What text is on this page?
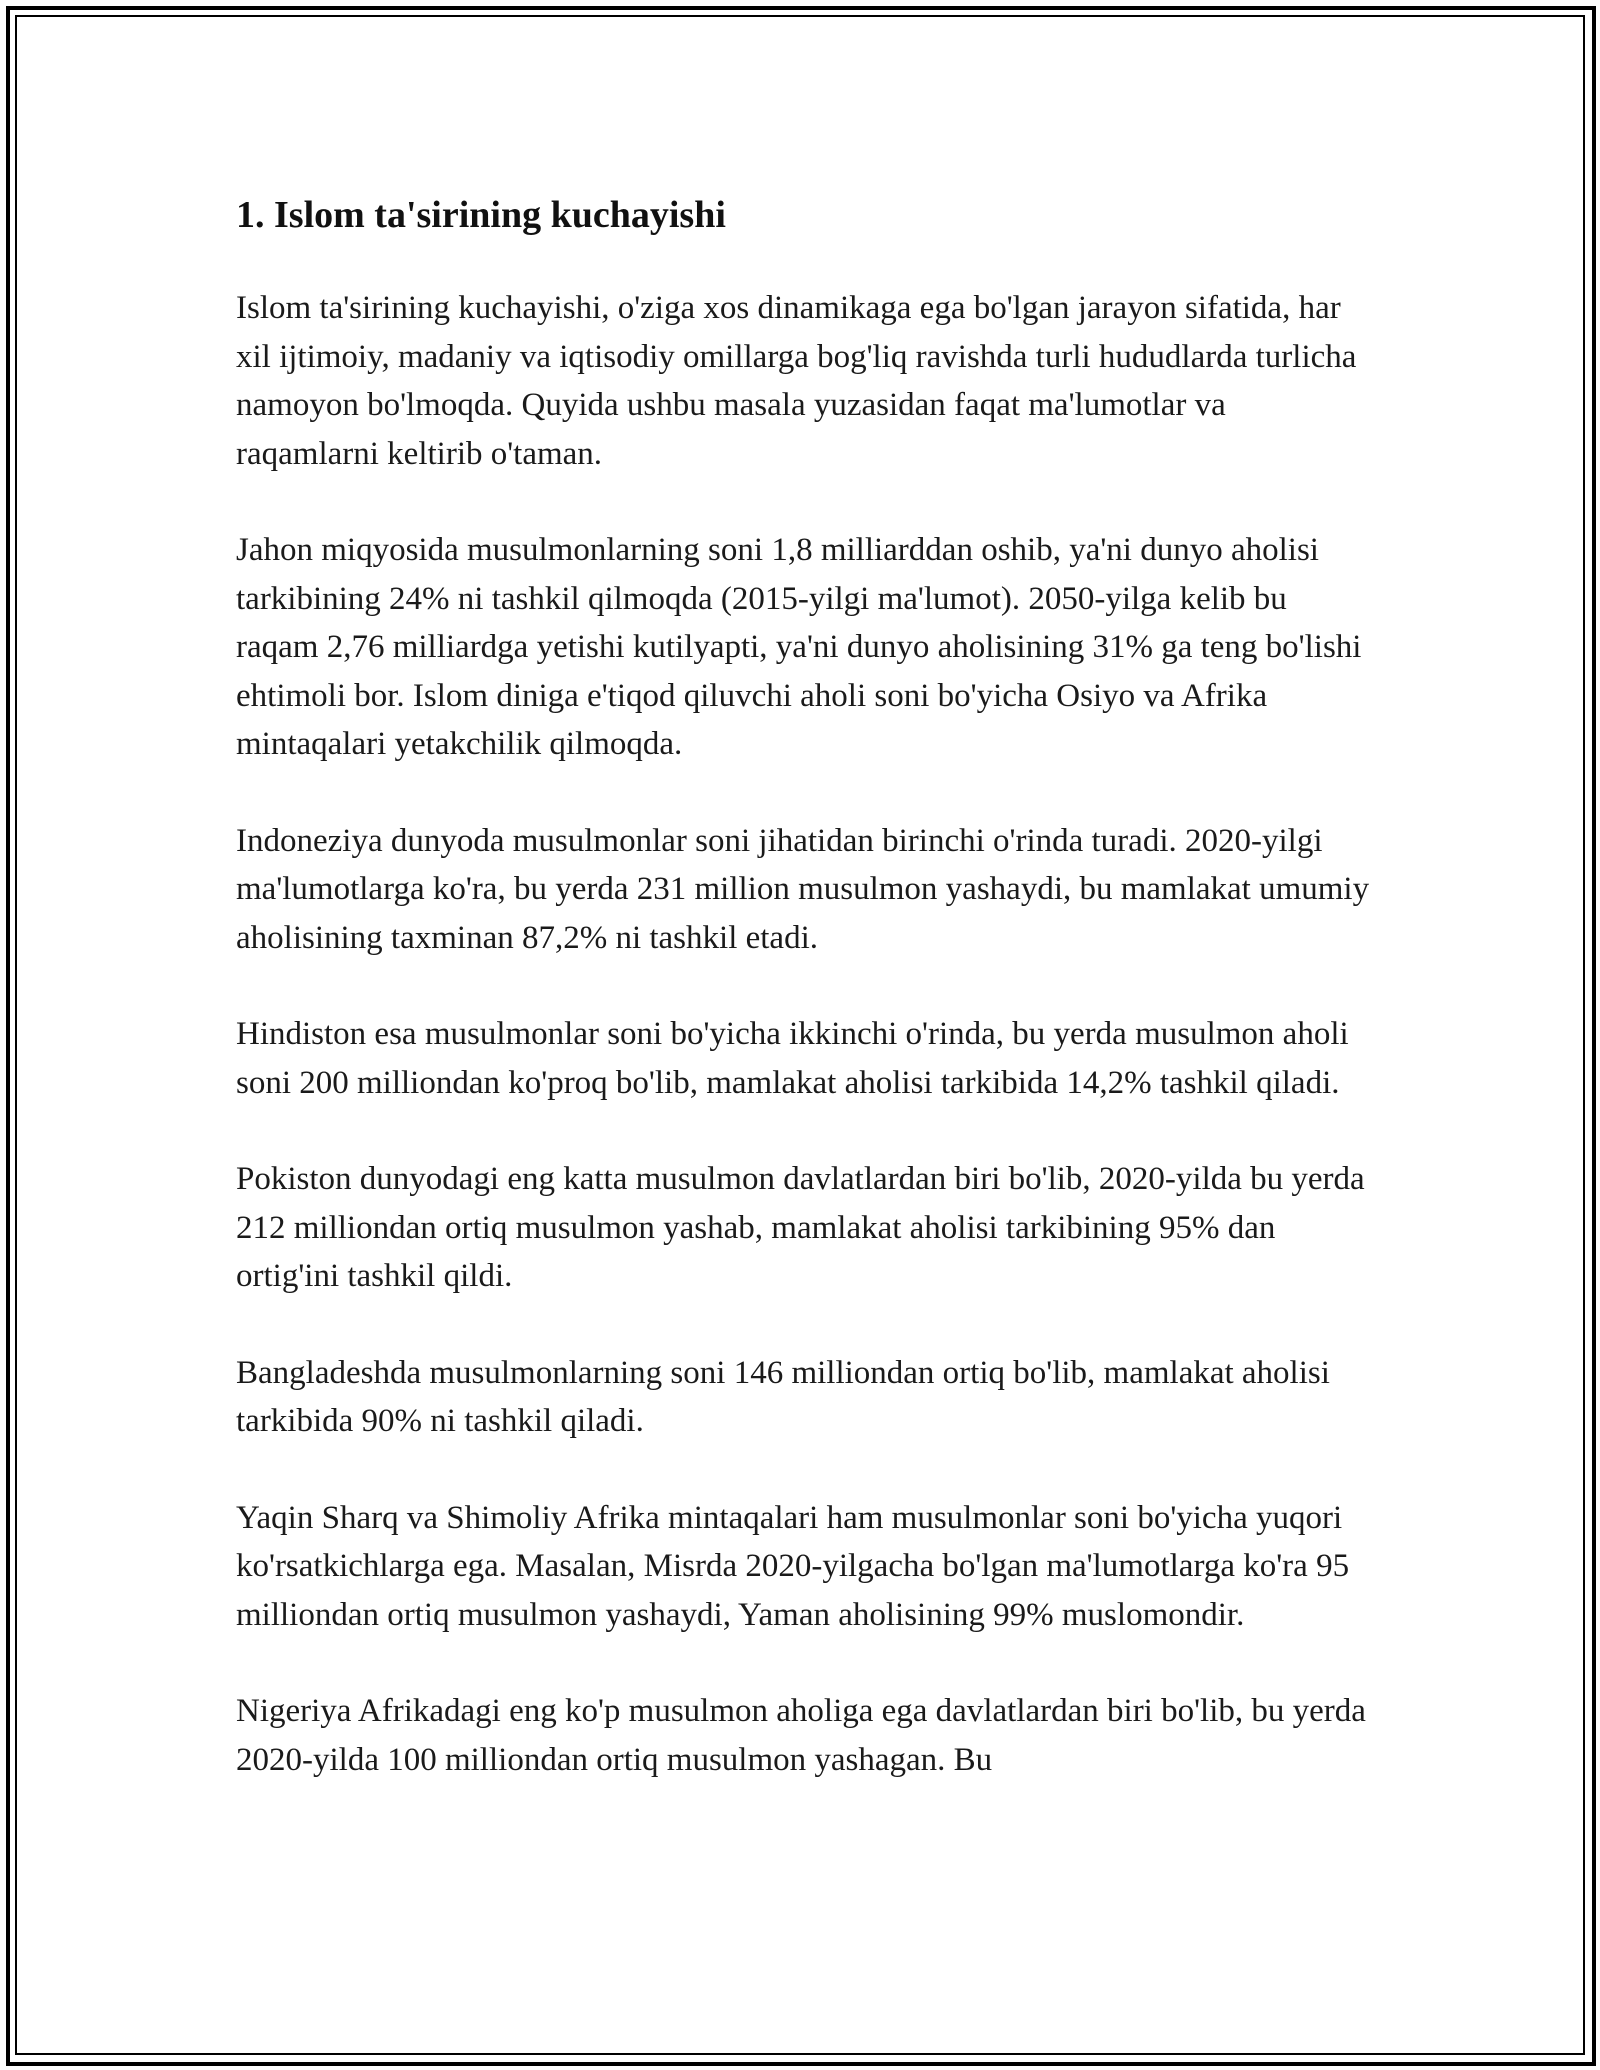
1. Islom ta'sirining kuchayishi

Islom ta'sirining kuchayishi, o'ziga xos dinamikaga ega bo'lgan jarayon sifatida, har xil ijtimoiy, madaniy va iqtisodiy omillarga bog'liq ravishda turli hududlarda turlicha namoyon bo'lmoqda. Quyida ushbu masala yuzasidan faqat ma'lumotlar va raqamlarni keltirib o'taman.

Jahon miqyosida musulmonlarning soni 1,8 milliarddan oshib, ya'ni dunyo aholisi tarkibining 24% ni tashkil qilmoqda (2015-yilgi ma'lumot). 2050-yilga kelib bu raqam 2,76 milliardga yetishi kutilyapti, ya'ni dunyo aholisining 31% ga teng bo'lishi ehtimoli bor. Islom diniga e'tiqod qiluvchi aholi soni bo'yicha Osiyo va Afrika mintaqalari yetakchilik qilmoqda.

Indoneziya dunyoda musulmonlar soni jihatidan birinchi o'rinda turadi. 2020-yilgi ma'lumotlarga ko'ra, bu yerda 231 million musulmon yashaydi, bu mamlakat umumiy aholisining taxminan 87,2% ni tashkil etadi.

Hindiston esa musulmonlar soni bo'yicha ikkinchi o'rinda, bu yerda musulmon aholi soni 200 milliondan ko'proq bo'lib, mamlakat aholisi tarkibida 14,2% tashkil qiladi.

Pokiston dunyodagi eng katta musulmon davlatlardan biri bo'lib, 2020-yilda bu yerda 212 milliondan ortiq musulmon yashab, mamlakat aholisi tarkibining 95% dan ortig'ini tashkil qildi.

Bangladeshda musulmonlarning soni 146 milliondan ortiq bo'lib, mamlakat aholisi tarkibida 90% ni tashkil qiladi.

Yaqin Sharq va Shimoliy Afrika mintaqalari ham musulmonlar soni bo'yicha yuqori ko'rsatkichlarga ega. Masalan, Misrda 2020-yilgacha bo'lgan ma'lumotlarga ko'ra 95 milliondan ortiq musulmon yashaydi, Yaman aholisining 99% muslomondir.

Nigeriya Afrikadagi eng ko'p musulmon aholiga ega davlatlardan biri bo'lib, bu yerda 2020-yilda 100 milliondan ortiq musulmon yashagan. Bu
